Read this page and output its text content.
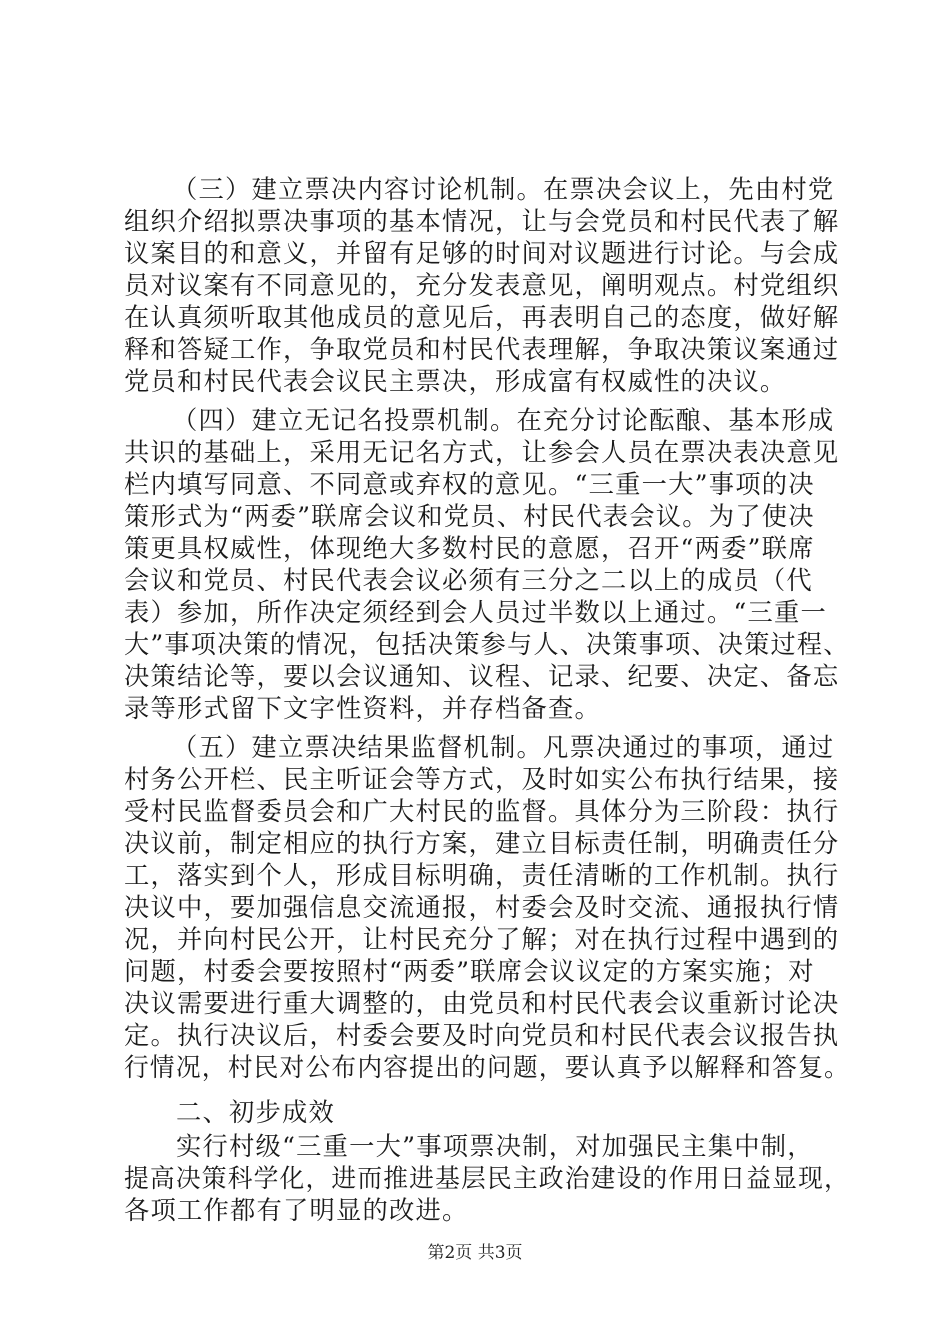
（三）建立票决内容讨论机制。在票决会议上，先由村党
组织介绍拟票决事项的基本情况，让与会党员和村民代表了解
议案目的和意义，并留有足够的时间对议题进行讨论。与会成
员对议案有不同意见的，充分发表意见，阐明观点。村党组织
在认真须听取其他成员的意见后，再表明自己的态度，做好解
释和答疑工作，争取党员和村民代表理解，争取决策议案通过
党员和村民代表会议民主票决，形成富有权威性的决议。
（四）建立无记名投票机制。在充分讨论酝酿、基本形成
共识的基础上，采用无记名方式，让参会人员在票决表决意见
栏内填写同意、不同意或弃权的意见。“三重一大”事项的决
策形式为“两委”联席会议和党员、村民代表会议。为了使决
策更具权威性，体现绝大多数村民的意愿，召开“两委”联席
会议和党员、村民代表会议必须有三分之二以上的成员（代
表）参加，所作决定须经到会人员过半数以上通过。“三重一
大”事项决策的情况，包括决策参与人、决策事项、决策过程、
决策结论等，要以会议通知、议程、记录、纪要、决定、备忘
录等形式留下文字性资料，并存档备查。
（五）建立票决结果监督机制。凡票决通过的事项，通过
村务公开栏、民主听证会等方式，及时如实公布执行结果，接
受村民监督委员会和广大村民的监督。具体分为三阶段：执行
决议前，制定相应的执行方案，建立目标责任制，明确责任分
工，落实到个人，形成目标明确，责任清晰的工作机制。执行
决议中，要加强信息交流通报，村委会及时交流、通报执行情
况，并向村民公开，让村民充分了解；对在执行过程中遇到的
问题，村委会要按照村“两委”联席会议议定的方案实施；对
决议需要进行重大调整的，由党员和村民代表会议重新讨论决
定。执行决议后，村委会要及时向党员和村民代表会议报告执
行情况，村民对公布内容提出的问题，要认真予以解释和答复。
二、初步成效
实行村级“三重一大”事项票决制，对加强民主集中制，
提高决策科学化，进而推进基层民主政治建设的作用日益显现，
各项工作都有了明显的改进。
第2页 共3页
